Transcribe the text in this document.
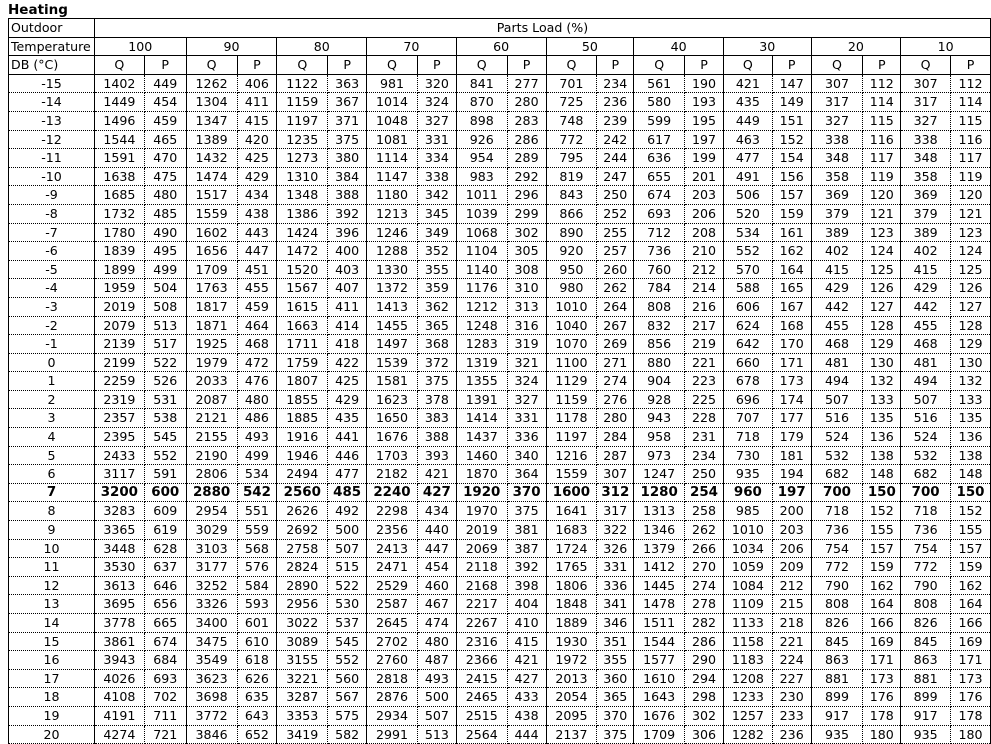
Heating
Outdoor	Parts Load (%)																			
Temperature	100		90		80		70		60		50		40		30		20		10	
DB (°C)	Q	P	Q	P	Q	P	Q	P	Q	P	Q	P	Q	P	Q	P	Q	P	Q	P
-15	1402	449	1262	406	1122	363	981	320	841	277	701	234	561	190	421	147	307	112	307	112
-14	1449	454	1304	411	1159	367	1014	324	870	280	725	236	580	193	435	149	317	114	317	114
-13	1496	459	1347	415	1197	371	1048	327	898	283	748	239	599	195	449	151	327	115	327	115
-12	1544	465	1389	420	1235	375	1081	331	926	286	772	242	617	197	463	152	338	116	338	116
-11	1591	470	1432	425	1273	380	1114	334	954	289	795	244	636	199	477	154	348	117	348	117
-10	1638	475	1474	429	1310	384	1147	338	983	292	819	247	655	201	491	156	358	119	358	119
-9	1685	480	1517	434	1348	388	1180	342	1011	296	843	250	674	203	506	157	369	120	369	120
-8	1732	485	1559	438	1386	392	1213	345	1039	299	866	252	693	206	520	159	379	121	379	121
-7	1780	490	1602	443	1424	396	1246	349	1068	302	890	255	712	208	534	161	389	123	389	123
-6	1839	495	1656	447	1472	400	1288	352	1104	305	920	257	736	210	552	162	402	124	402	124
-5	1899	499	1709	451	1520	403	1330	355	1140	308	950	260	760	212	570	164	415	125	415	125
-4	1959	504	1763	455	1567	407	1372	359	1176	310	980	262	784	214	588	165	429	126	429	126
-3	2019	508	1817	459	1615	411	1413	362	1212	313	1010	264	808	216	606	167	442	127	442	127
-2	2079	513	1871	464	1663	414	1455	365	1248	316	1040	267	832	217	624	168	455	128	455	128
-1	2139	517	1925	468	1711	418	1497	368	1283	319	1070	269	856	219	642	170	468	129	468	129
0	2199	522	1979	472	1759	422	1539	372	1319	321	1100	271	880	221	660	171	481	130	481	130
1	2259	526	2033	476	1807	425	1581	375	1355	324	1129	274	904	223	678	173	494	132	494	132
2	2319	531	2087	480	1855	429	1623	378	1391	327	1159	276	928	225	696	174	507	133	507	133
3	2357	538	2121	486	1885	435	1650	383	1414	331	1178	280	943	228	707	177	516	135	516	135
4	2395	545	2155	493	1916	441	1676	388	1437	336	1197	284	958	231	718	179	524	136	524	136
5	2433	552	2190	499	1946	446	1703	393	1460	340	1216	287	973	234	730	181	532	138	532	138
6	3117	591	2806	534	2494	477	2182	421	1870	364	1559	307	1247	250	935	194	682	148	682	148
7	3200	600	2880	542	2560	485	2240	427	1920	370	1600	312	1280	254	960	197	700	150	700	150
8	3283	609	2954	551	2626	492	2298	434	1970	375	1641	317	1313	258	985	200	718	152	718	152
9	3365	619	3029	559	2692	500	2356	440	2019	381	1683	322	1346	262	1010	203	736	155	736	155
10	3448	628	3103	568	2758	507	2413	447	2069	387	1724	326	1379	266	1034	206	754	157	754	157
11	3530	637	3177	576	2824	515	2471	454	2118	392	1765	331	1412	270	1059	209	772	159	772	159
12	3613	646	3252	584	2890	522	2529	460	2168	398	1806	336	1445	274	1084	212	790	162	790	162
13	3695	656	3326	593	2956	530	2587	467	2217	404	1848	341	1478	278	1109	215	808	164	808	164
14	3778	665	3400	601	3022	537	2645	474	2267	410	1889	346	1511	282	1133	218	826	166	826	166
15	3861	674	3475	610	3089	545	2702	480	2316	415	1930	351	1544	286	1158	221	845	169	845	169
16	3943	684	3549	618	3155	552	2760	487	2366	421	1972	355	1577	290	1183	224	863	171	863	171
17	4026	693	3623	626	3221	560	2818	493	2415	427	2013	360	1610	294	1208	227	881	173	881	173
18	4108	702	3698	635	3287	567	2876	500	2465	433	2054	365	1643	298	1233	230	899	176	899	176
19	4191	711	3772	643	3353	575	2934	507	2515	438	2095	370	1676	302	1257	233	917	178	917	178
20	4274	721	3846	652	3419	582	2991	513	2564	444	2137	375	1709	306	1282	236	935	180	935	180
